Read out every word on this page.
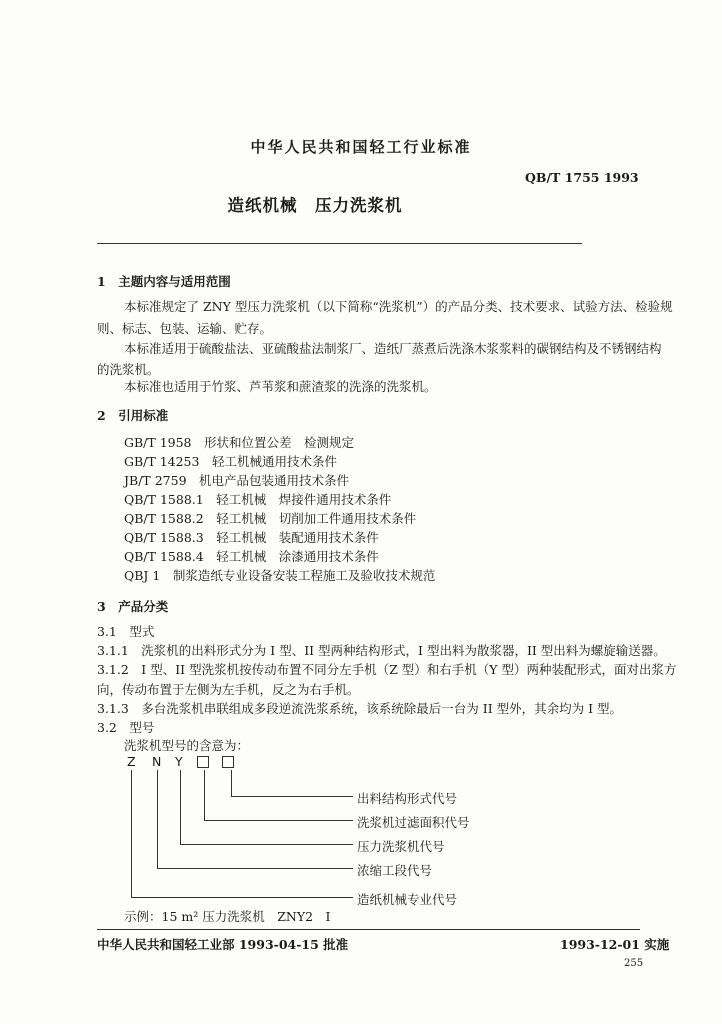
中华人民共和国轻工行业标准
QB/T 1755 1993
造纸机械　压力洗浆机
1　主题内容与适用范围
本标准规定了 ZNY 型压力洗浆机（以下简称“洗浆机”）的产品分类、技术要求、试验方法、检验规
则、标志、包装、运输、贮存。
本标准适用于硫酸盐法、亚硫酸盐法制浆厂、造纸厂蒸煮后洗涤木浆浆料的碳钢结构及不锈钢结构
的洗浆机。
本标准也适用于竹浆、芦苇浆和蔗渣浆的洗涤的洗浆机。
2　引用标准
GB/T 1958　形状和位置公差　检测规定
GB/T 14253　轻工机械通用技术条件
JB/T 2759　机电产品包装通用技术条件
QB/T 1588.1　轻工机械　焊接件通用技术条件
QB/T 1588.2　轻工机械　切削加工件通用技术条件
QB/T 1588.3　轻工机械　装配通用技术条件
QB/T 1588.4　轻工机械　涂漆通用技术条件
QBJ 1　制浆造纸专业设备安装工程施工及验收技术规范
3　产品分类
3.1　型式
3.1.1　洗浆机的出料形式分为 I 型、II 型两种结构形式，I 型出料为散浆器，II 型出料为螺旋输送器。
3.1.2　I 型、II 型洗浆机按传动布置不同分左手机（Z 型）和右手机（Y 型）两种装配形式，面对出浆方
向，传动布置于左侧为左手机，反之为右手机。
3.1.3　多台洗浆机串联组成多段逆流洗浆系统，该系统除最后一台为 II 型外，其余均为 I 型。
3.2　型号
洗浆机型号的含意为：
Z N Y
出料结构形式代号
洗浆机过滤面积代号
压力洗浆机代号
浓缩工段代号
造纸机械专业代号
示例：15 m² 压力洗浆机　ZNY2　I
中华人民共和国轻工业部 1993-04-15 批准	1993-12-01 实施
255
